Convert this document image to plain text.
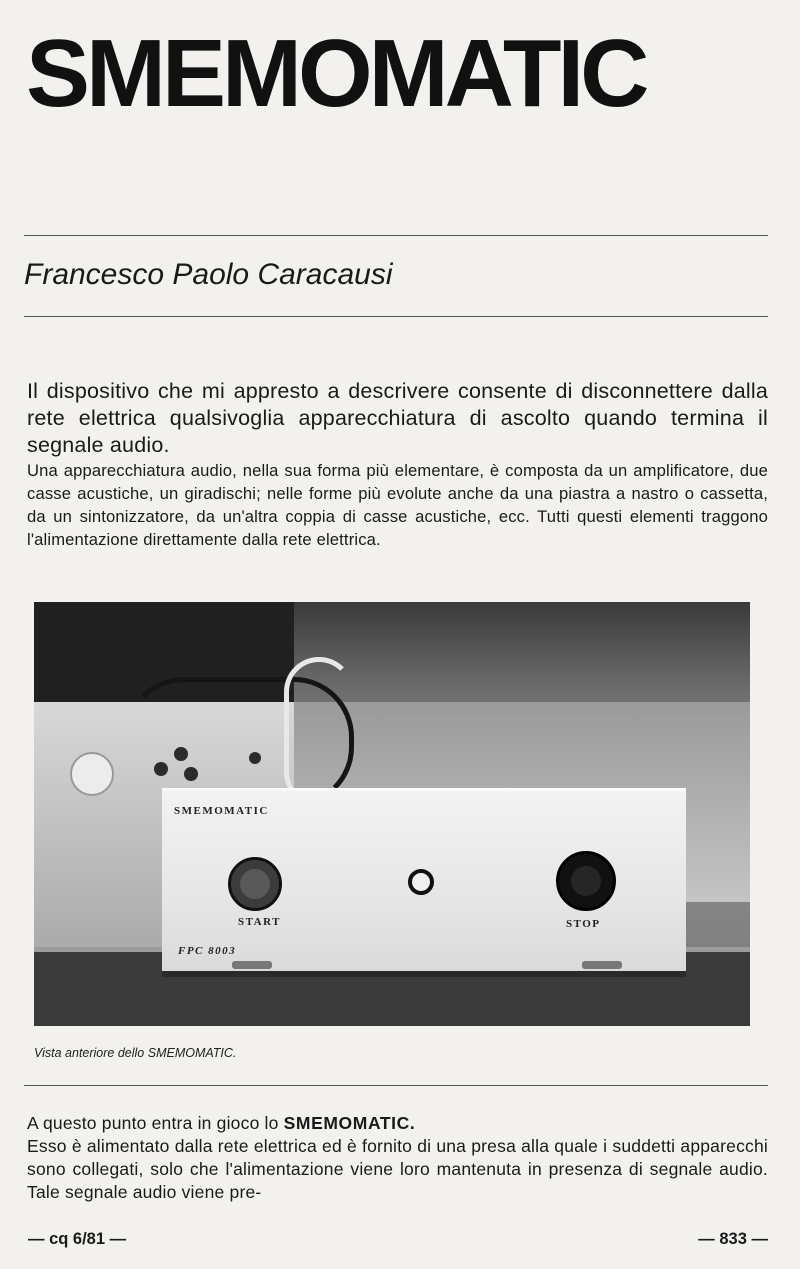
SMEMOMATIC
Francesco Paolo Caracausi
Il dispositivo che mi appresto a descrivere consente di disconnettere dalla rete elettrica qualsivoglia apparecchiatura di ascolto quando termina il segnale audio.
Una apparecchiatura audio, nella sua forma più elementare, è composta da un amplificatore, due casse acustiche, un giradischi; nelle forme più evolute anche da una piastra a nastro o cassetta, da un sintonizzatore, da un'altra coppia di casse acustiche, ecc. Tutti questi elementi traggono l'alimentazione direttamente dalla rete elettrica.
SMEMOMATIC
START	STOP
FPC 8003
Vista anteriore dello SMEMOMATIC.
A questo punto entra in gioco lo SMEMOMATIC.
Esso è alimentato dalla rete elettrica ed è fornito di una presa alla quale i suddetti apparecchi sono collegati, solo che l'alimentazione viene loro mantenuta in presenza di segnale audio. Tale segnale audio viene pre-
— cq 6/81 —	— 833 —
